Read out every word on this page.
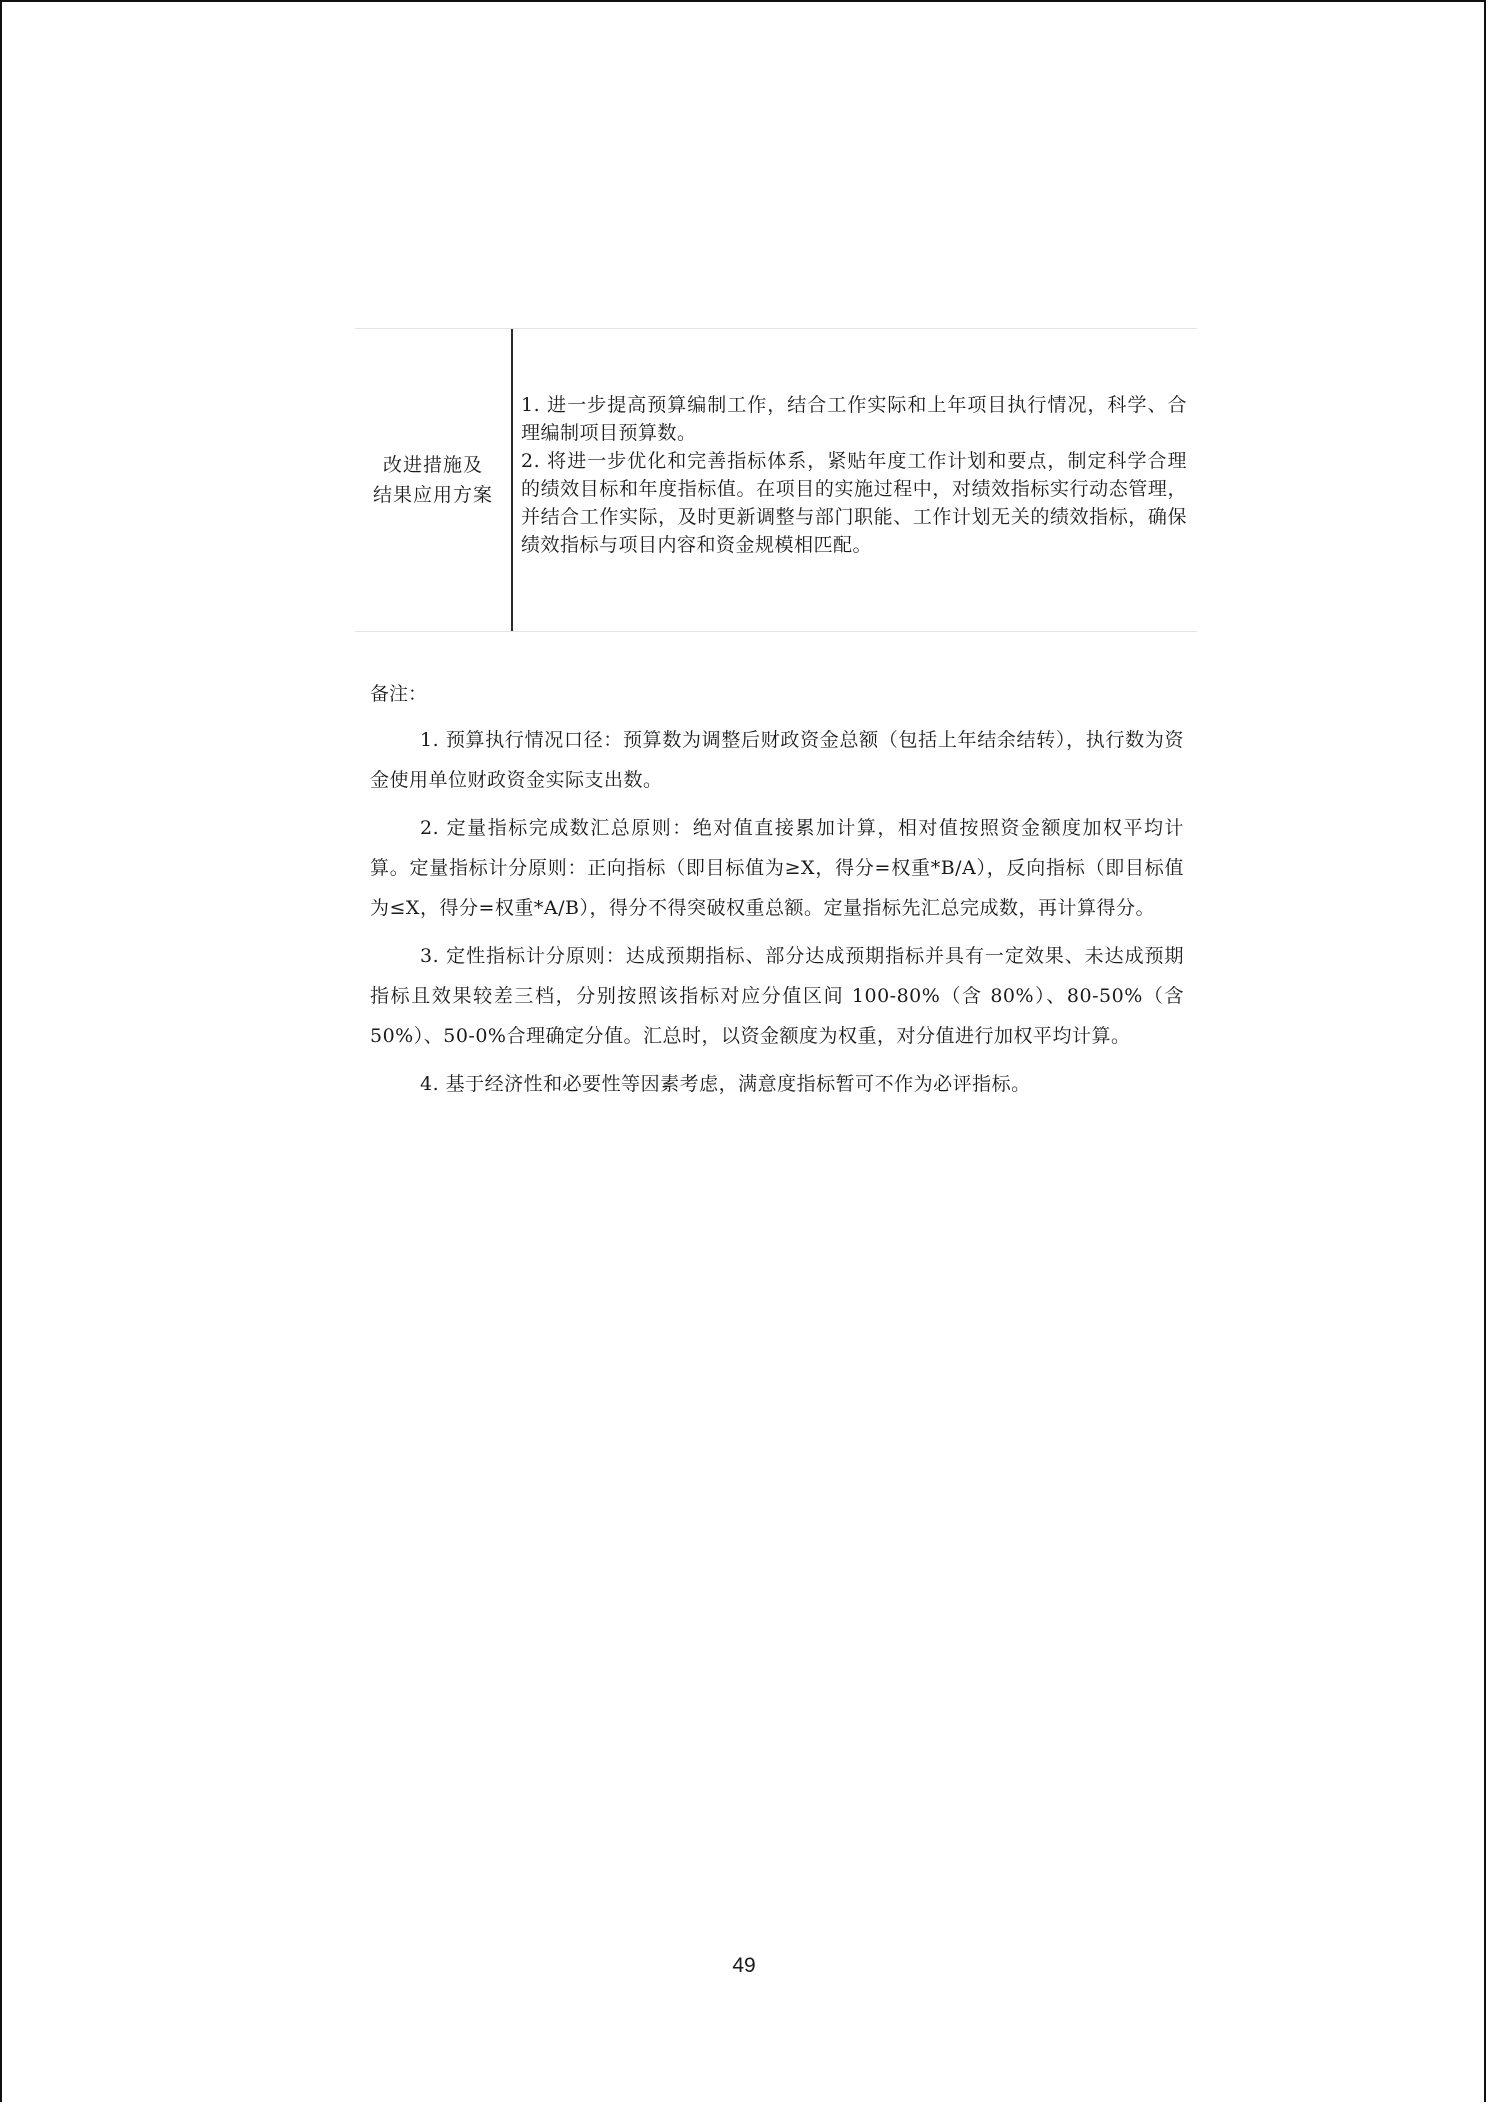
改进措施及
结果应用方案

1. 进一步提高预算编制工作，结合工作实际和上年项目执行情况，科学、合理编制项目预算数。

2. 将进一步优化和完善指标体系，紧贴年度工作计划和要点，制定科学合理的绩效目标和年度指标值。在项目的实施过程中，对绩效指标实行动态管理，并结合工作实际，及时更新调整与部门职能、工作计划无关的绩效指标，确保绩效指标与项目内容和资金规模相匹配。

备注：

1. 预算执行情况口径：预算数为调整后财政资金总额（包括上年结余结转），执行数为资金使用单位财政资金实际支出数。

2. 定量指标完成数汇总原则：绝对值直接累加计算，相对值按照资金额度加权平均计算。定量指标计分原则：正向指标（即目标值为≥X，得分=权重*B/A），反向指标（即目标值为≤X，得分=权重*A/B），得分不得突破权重总额。定量指标先汇总完成数，再计算得分。

3. 定性指标计分原则：达成预期指标、部分达成预期指标并具有一定效果、未达成预期指标且效果较差三档，分别按照该指标对应分值区间 100-80%（含 80%）、80-50%（含 50%）、50-0%合理确定分值。汇总时，以资金额度为权重，对分值进行加权平均计算。

4. 基于经济性和必要性等因素考虑，满意度指标暂可不作为必评指标。

49
